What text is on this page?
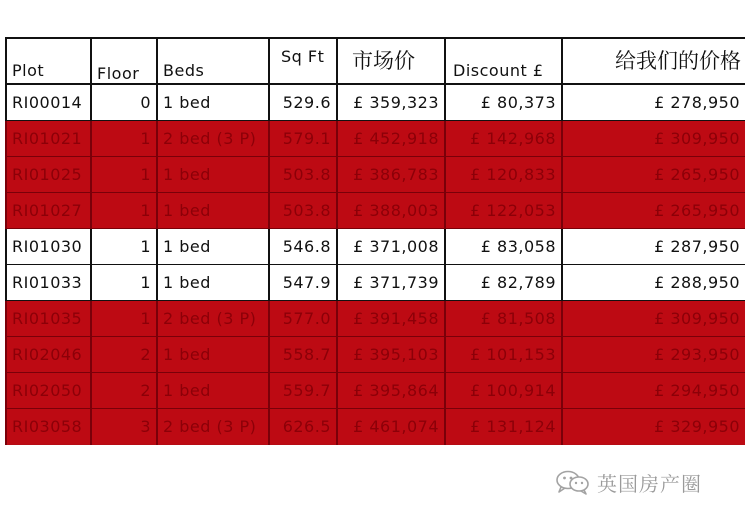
Plot	Floor	Beds	Sq Ft	市场价	Discount £	给我们的价格
RI00014	0	1 bed	529.6	£ 359,323	£ 80,373	£ 278,950
RI01021	1	2 bed (3 P)	579.1	£ 452,918	£ 142,968	£ 309,950
RI01025	1	1 bed	503.8	£ 386,783	£ 120,833	£ 265,950
RI01027	1	1 bed	503.8	£ 388,003	£ 122,053	£ 265,950
RI01030	1	1 bed	546.8	£ 371,008	£ 83,058	£ 287,950
RI01033	1	1 bed	547.9	£ 371,739	£ 82,789	£ 288,950
RI01035	1	2 bed (3 P)	577.0	£ 391,458	£ 81,508	£ 309,950
RI02046	2	1 bed	558.7	£ 395,103	£ 101,153	£ 293,950
RI02050	2	1 bed	559.7	£ 395,864	£ 100,914	£ 294,950
RI03058	3	2 bed (3 P)	626.5	£ 461,074	£ 131,124	£ 329,950
英国房产圈
